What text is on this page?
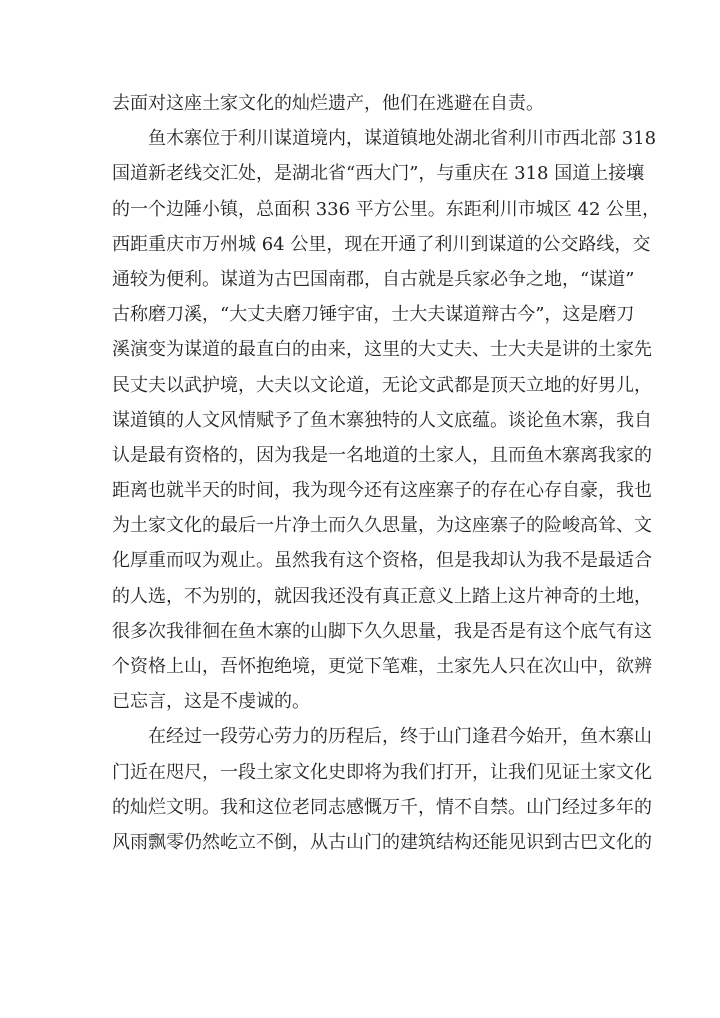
去面对这座土家文化的灿烂遗产，他们在逃避在自责。
鱼木寨位于利川谋道境内，谋道镇地处湖北省利川市西北部 318
国道新老线交汇处，是湖北省“西大门”，与重庆在 318 国道上接壤
的一个边陲小镇，总面积 336 平方公里。东距利川市城区 42 公里，
西距重庆市万州城 64 公里，现在开通了利川到谋道的公交路线，交
通较为便利。谋道为古巴国南郡，自古就是兵家必争之地，“谋道”
古称磨刀溪，“大丈夫磨刀锤宇宙，士大夫谋道辩古今”，这是磨刀
溪演变为谋道的最直白的由来，这里的大丈夫、士大夫是讲的土家先
民丈夫以武护境，大夫以文论道，无论文武都是顶天立地的好男儿，
谋道镇的人文风情赋予了鱼木寨独特的人文底蕴。谈论鱼木寨，我自
认是最有资格的，因为我是一名地道的土家人，且而鱼木寨离我家的
距离也就半天的时间，我为现今还有这座寨子的存在心存自豪，我也
为土家文化的最后一片净土而久久思量，为这座寨子的险峻高耸、文
化厚重而叹为观止。虽然我有这个资格，但是我却认为我不是最适合
的人选，不为别的，就因我还没有真正意义上踏上这片神奇的土地，
很多次我徘徊在鱼木寨的山脚下久久思量，我是否是有这个底气有这
个资格上山，吾怀抱绝境，更觉下笔难，土家先人只在次山中，欲辨
已忘言，这是不虔诚的。
在经过一段劳心劳力的历程后，终于山门逢君今始开，鱼木寨山
门近在咫尺，一段土家文化史即将为我们打开，让我们见证土家文化
的灿烂文明。我和这位老同志感慨万千，情不自禁。山门经过多年的
风雨飘零仍然屹立不倒，从古山门的建筑结构还能见识到古巴文化的
